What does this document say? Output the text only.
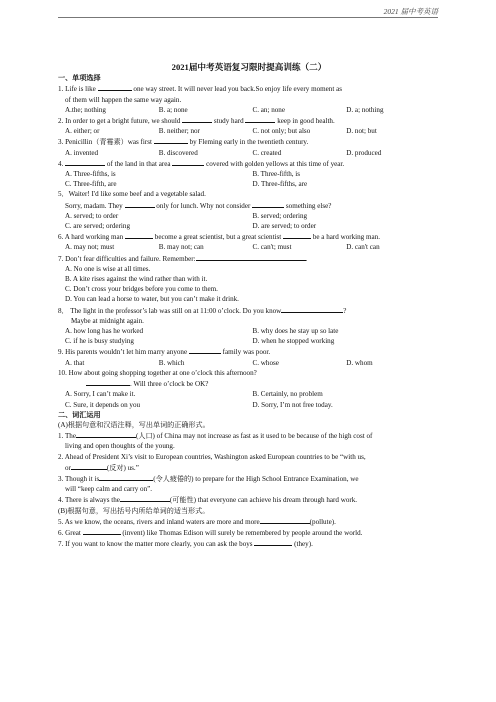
2021 届中考英语
2021届中考英语复习限时提高训练（二）
一、单项选择
1. Life is like	one way street. It will never lead you back.So enjoy life every moment as
of them will happen the same way again.
A.the; nothing	B. a; none	C. an; none	D. a; nothing
2. In order to get a bright future, we should	study hard	keep in good health.
A. either; or	B. neither; nor	C. not only; but also	D. not; but
3. Penicillin（青霉素）was first	by Fleming early in the twentieth century.
A. invented	B. discovered	C. created	D. produced
4.	of the land in that area	covered with golden yellows at this time of year.
A. Three-fifths, is	B. Three-fifth, is
C. Three-fifth, are	D. Three-fifths, are
5．Waiter! I'd like some beef and a vegetable salad.
Sorry, madam. They	only for lunch. Why not consider	something else?
A. served; to order	B. served; ordering
C. are served; ordering	D. are served; to order
6. A hard working man	become a great scientist, but a great scientist	be a hard working man.
A. may not; must	B. may not; can	C. can't; must	D. can't can
7. Don’t fear difficulties and failure. Remember:	.
A. No one is wise at all times.
B. A kite rises against the wind rather than with it.
C. Don’t cross your bridges before you come to them.
D. You can lead a horse to water, but you can’t make it drink.
8． The light in the professor’s lab was still on at 11:00 o’clock. Do you know	?
Maybe at midnight again.
A. how long has he worked	B. why does he stay up so late
C. if he is busy studying	D. when he stopped working
9. His parents wouldn’t let him marry anyone	family was poor.
A. that	B. which	C. whose	D. whom
10. How about going shopping together at one o’clock this afternoon?
. Will three o’clock be OK?
A. Sorry, I can’t make it.	B. Certainly, no problem
C. Sure, it depends on you	D. Sorry, I’m not free today.
二、词汇运用
(A)根据句意和汉语注释，写出单词的正确形式。
1. The	(人口) of China may not increase as fast as it used to be because of the high cost of
living and open thoughts of the young.
2. Ahead of President Xi’s visit to European countries, Washington asked European countries to be “with us,
or	(反对) us.”
3. Though it is	(令人疲倦的) to prepare for the High School Entrance Examination, we
will “keep calm and carry on”.
4. There is always the	(可能性) that everyone can achieve his dream through hard work.
(B)根据句意，写出括号内所给单词的适当形式。
5. As we know, the oceans, rivers and inland waters are more and more	(pollute).
6. Great	(invent) like Thomas Edison will surely be remembered by people around the world.
7. If you want to know the matter more clearly, you can ask the boys	(they).
